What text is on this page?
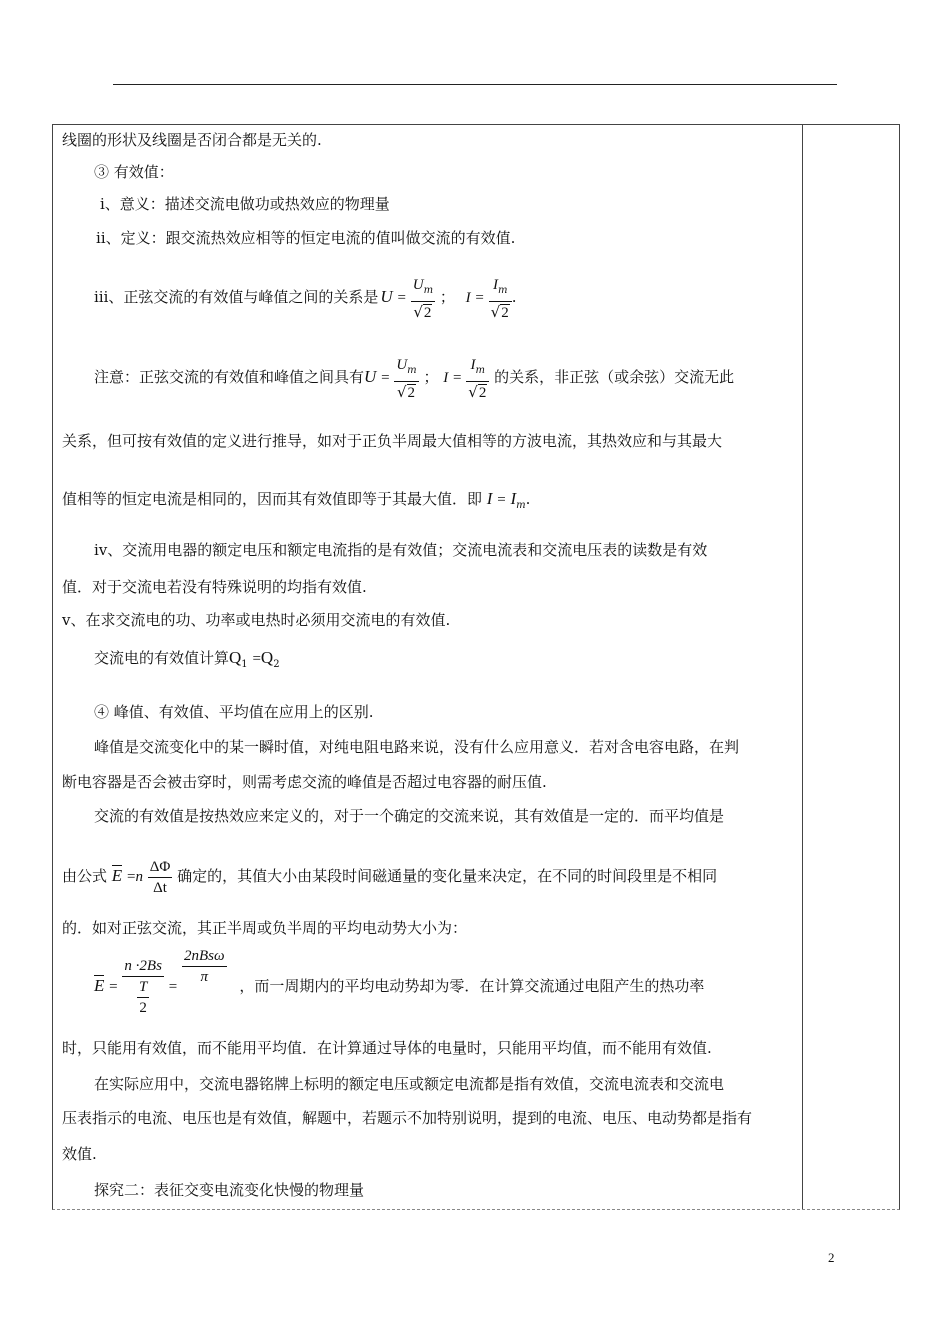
线圈的形状及线圈是否闭合都是无关的.
③ 有效值：
ⅰ、意义：描述交流电做功或热效应的物理量
ⅱ、定义：跟交流热效应相等的恒定电流的值叫做交流的有效值.
ⅲ、正弦交流的有效值与峰值之间的关系是 $U = \frac{U_m}{√2}$ ； $I = \frac{I_m}{√2}$ .
注意：正弦交流的有效值和峰值之间具有$U = \frac{U_m}{√2}$ ； $I = \frac{I_m}{√2}$ 的关系，非正弦（或余弦）交流无此
关系，但可按有效值的定义进行推导，如对于正负半周最大值相等的方波电流，其热效应和与其最大
值相等的恒定电流是相同的，因而其有效值即等于其最大值．即 $I = I_m$.
ⅳ、交流用电器的额定电压和额定电流指的是有效值；交流电流表和交流电压表的读数是有效
值．对于交流电若没有特殊说明的均指有效值.
ⅴ、在求交流电的功、功率或电热时必须用交流电的有效值.
交流电的有效值计算$Q_1 =Q_2$
④ 峰值、有效值、平均值在应用上的区别.
峰值是交流变化中的某一瞬时值，对纯电阻电路来说，没有什么应用意义．若对含电容电路，在判
断电容器是否会被击穿时，则需考虑交流的峰值是否超过电容器的耐压值.
交流的有效值是按热效应来定义的，对于一个确定的交流来说，其有效值是一定的．而平均值是
由公式 $E =n \frac{\Delta\Phi}{\Delta t}$ 确定的，其值大小由某段时间磁通量的变化量来决定，在不同的时间段里是不相同
的．如对正弦交流，其正半周或负半周的平均电动势大小为：
$E = \frac{n \cdot 2Bs}{\frac{T}{2}} = \frac{\text{2nBsω}}{\pi}$ ，而一周期内的平均电动势却为零．在计算交流通过电阻产生的热功率
时，只能用有效值，而不能用平均值．在计算通过导体的电量时，只能用平均值，而不能用有效值.
在实际应用中，交流电器铭牌上标明的额定电压或额定电流都是指有效值，交流电流表和交流电
压表指示的电流、电压也是有效值，解题中，若题示不加特别说明，提到的电流、电压、电动势都是指有
效值.
探究二：表征交变电流变化快慢的物理量
2
